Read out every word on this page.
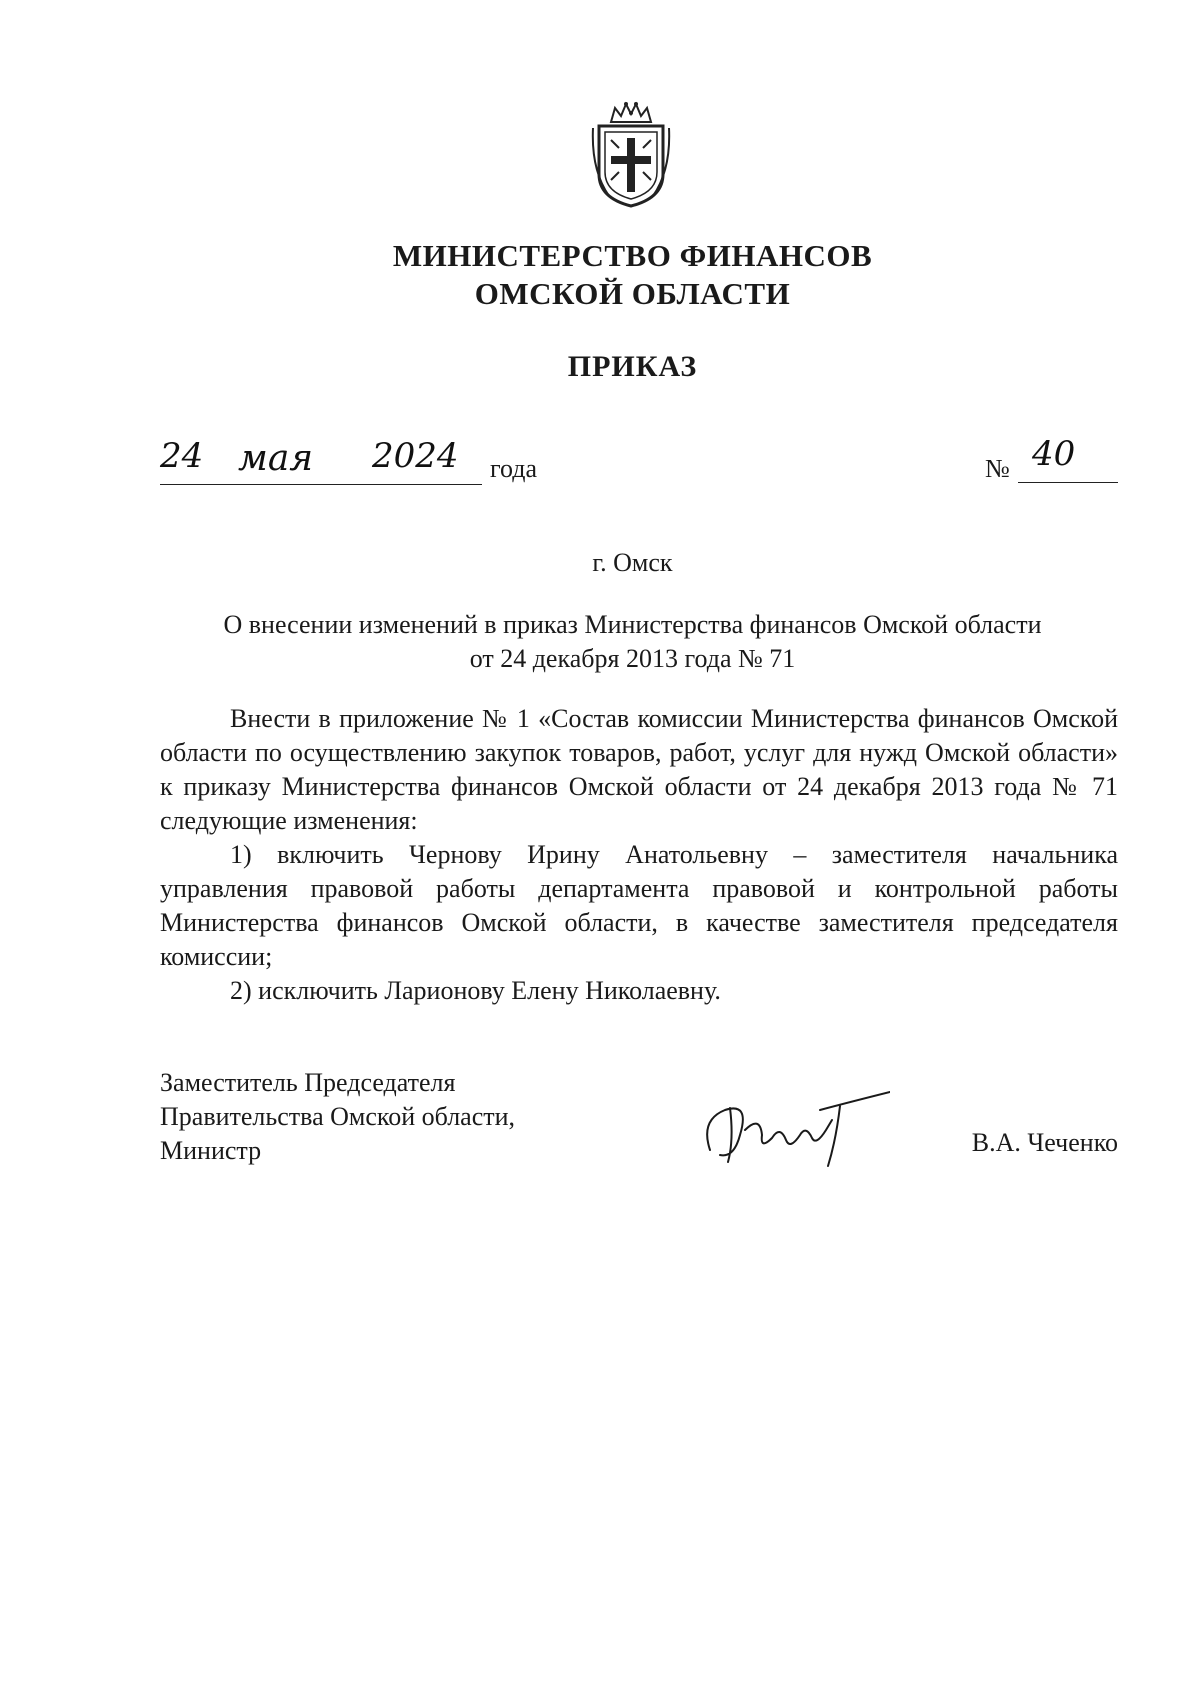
МИНИСТЕРСТВО ФИНАНСОВ
ОМСКОЙ ОБЛАСТИ
ПРИКАЗ
24 мая 2024 года	№ 40
г. Омск
О внесении изменений в приказ Министерства финансов Омской области
от 24 декабря 2013 года № 71

Внести в приложение № 1 «Состав комиссии Министерства финансов Омской области по осуществлению закупок товаров, работ, услуг для нужд Омской области» к приказу Министерства финансов Омской области от 24 декабря 2013 года № 71 следующие изменения:

1) включить Чернову Ирину Анатольевну – заместителя начальника управления правовой работы департамента правовой и контрольной работы Министерства финансов Омской области, в качестве заместителя председателя комиссии;

2) исключить Ларионову Елену Николаевну.

Заместитель Председателя
Правительства Омской области,
Министр	В.А. Чеченко
